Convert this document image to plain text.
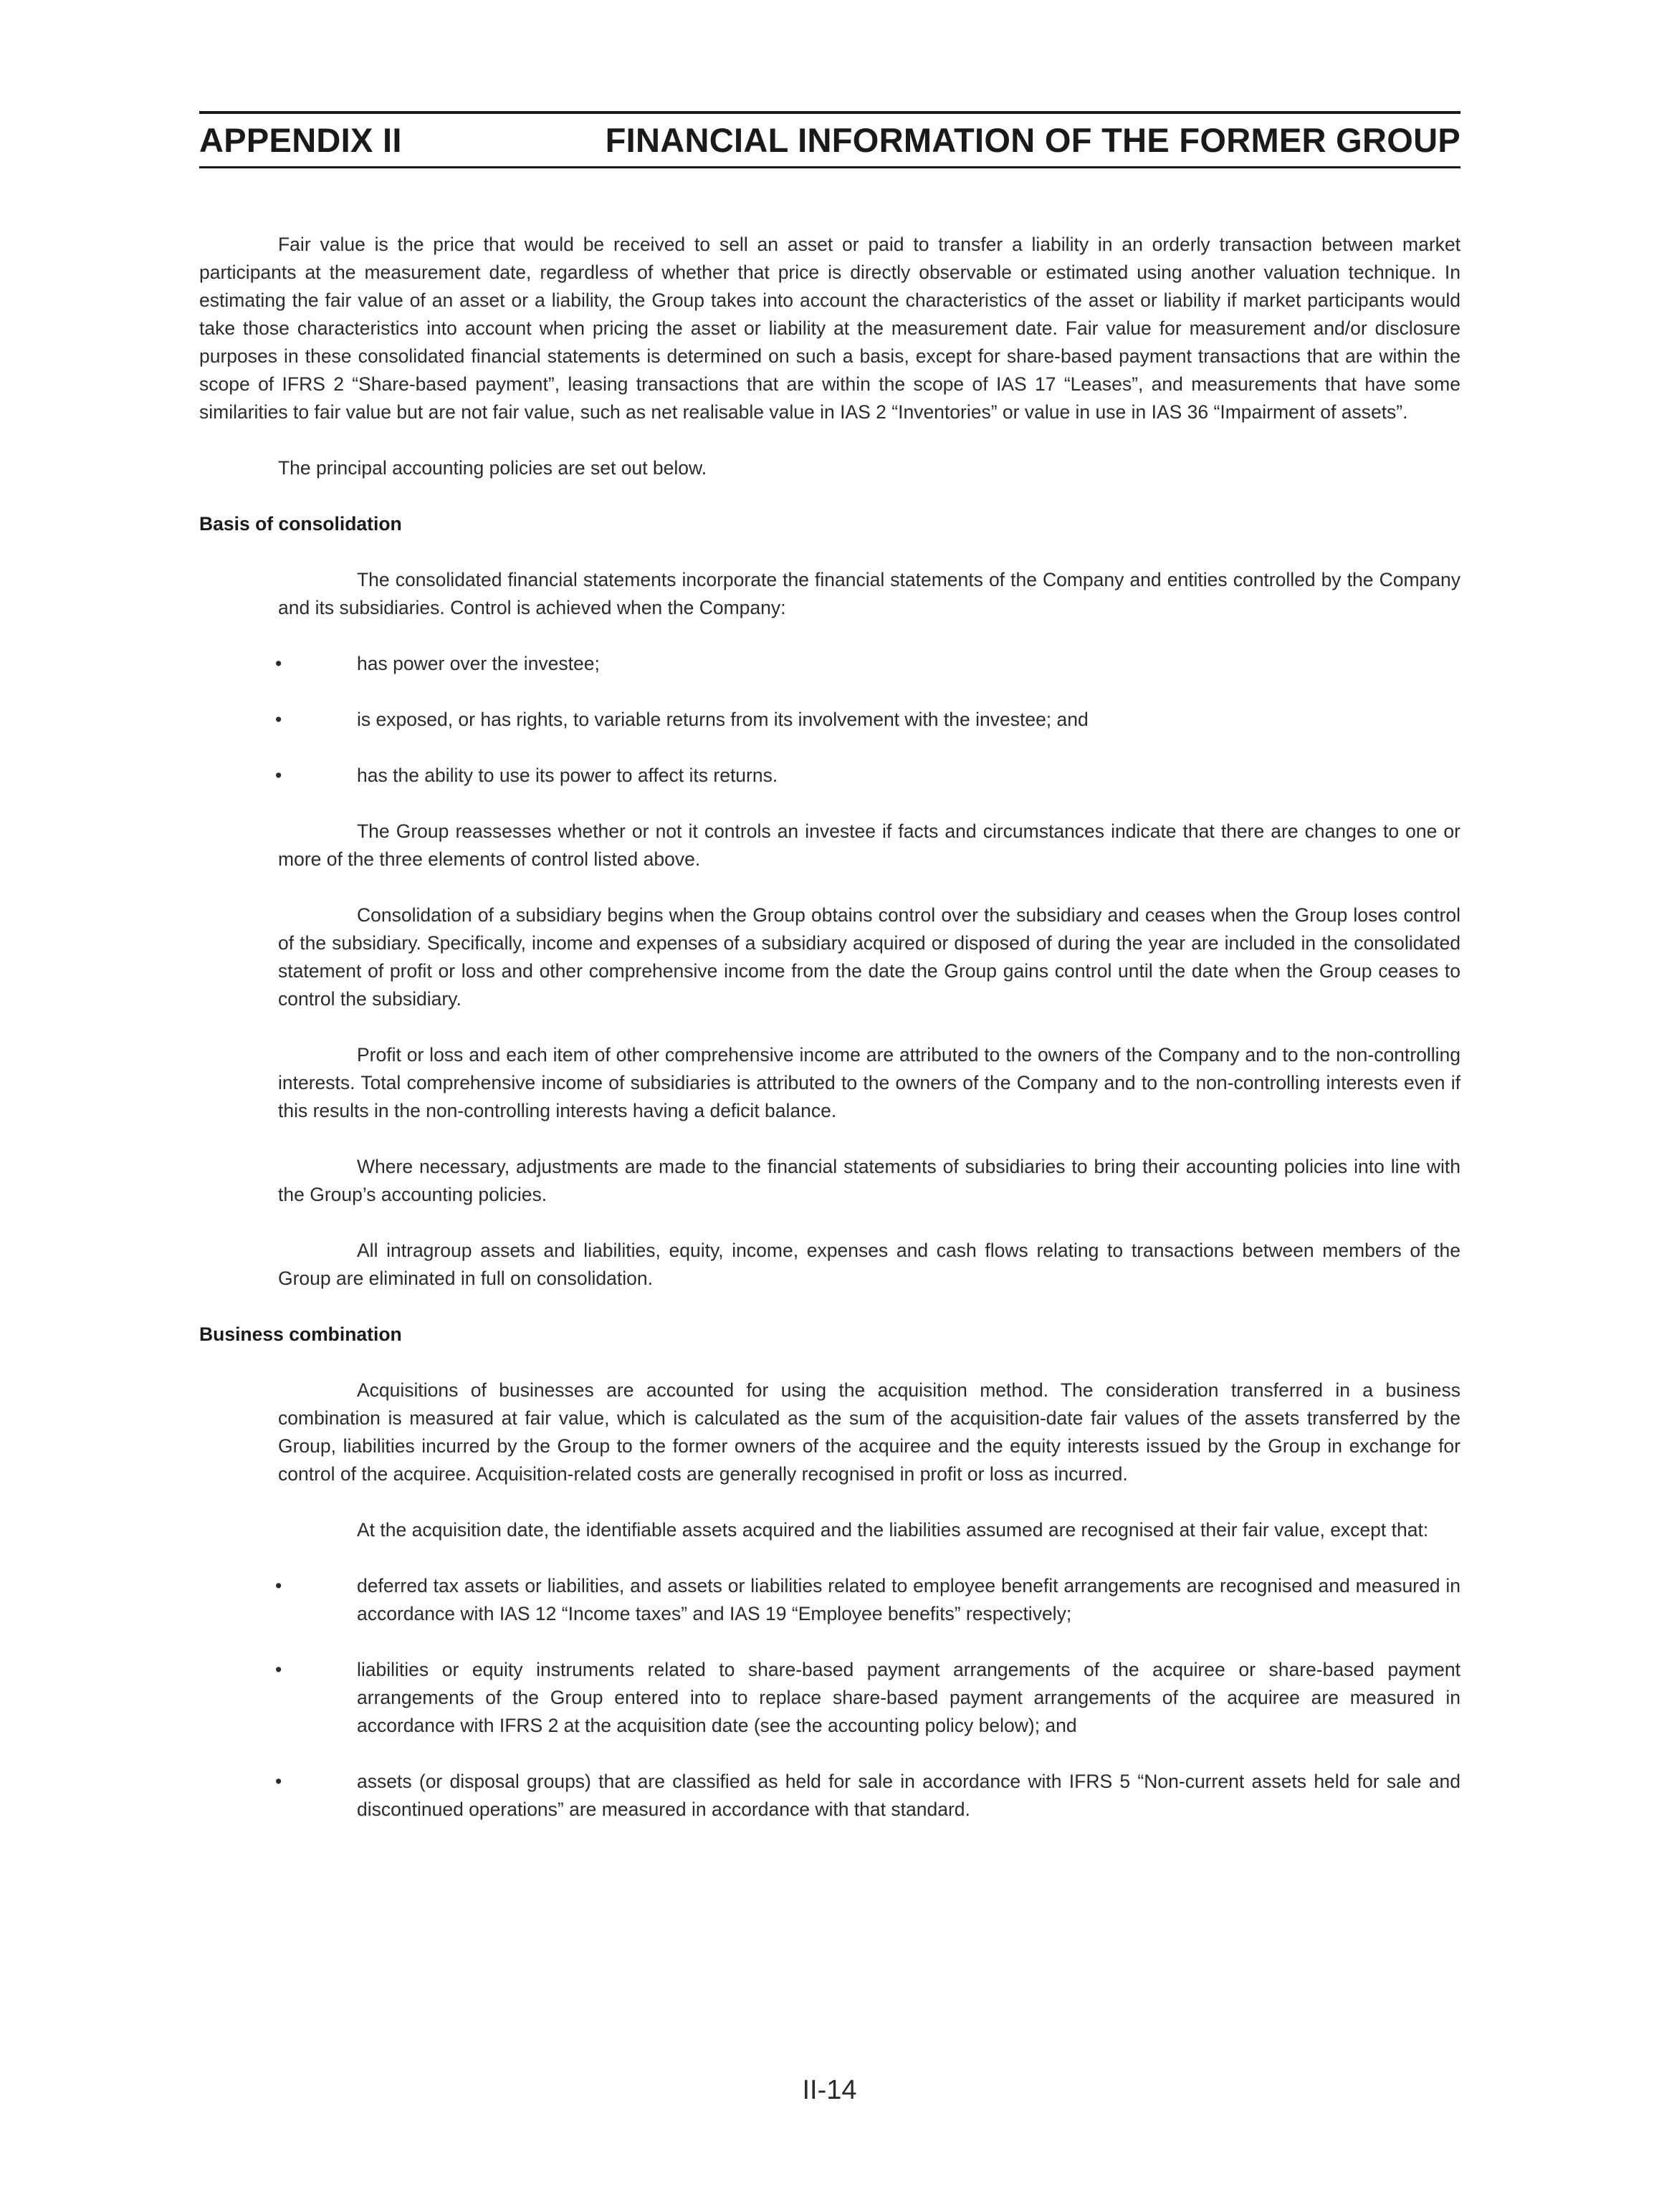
APPENDIX II	FINANCIAL INFORMATION OF THE FORMER GROUP

Fair value is the price that would be received to sell an asset or paid to transfer a liability in an orderly transaction between market participants at the measurement date, regardless of whether that price is directly observable or estimated using another valuation technique. In estimating the fair value of an asset or a liability, the Group takes into account the characteristics of the asset or liability if market participants would take those characteristics into account when pricing the asset or liability at the measurement date. Fair value for measurement and/or disclosure purposes in these consolidated financial statements is determined on such a basis, except for share-based payment transactions that are within the scope of IFRS 2 “Share-based payment”, leasing transactions that are within the scope of IAS 17 “Leases”, and measurements that have some similarities to fair value but are not fair value, such as net realisable value in IAS 2 “Inventories” or value in use in IAS 36 “Impairment of assets”.

The principal accounting policies are set out below.

Basis of consolidation

The consolidated financial statements incorporate the financial statements of the Company and entities controlled by the Company and its subsidiaries. Control is achieved when the Company:

•	has power over the investee;

•	is exposed, or has rights, to variable returns from its involvement with the investee; and

•	has the ability to use its power to affect its returns.

The Group reassesses whether or not it controls an investee if facts and circumstances indicate that there are changes to one or more of the three elements of control listed above.

Consolidation of a subsidiary begins when the Group obtains control over the subsidiary and ceases when the Group loses control of the subsidiary. Specifically, income and expenses of a subsidiary acquired or disposed of during the year are included in the consolidated statement of profit or loss and other comprehensive income from the date the Group gains control until the date when the Group ceases to control the subsidiary.

Profit or loss and each item of other comprehensive income are attributed to the owners of the Company and to the non-controlling interests. Total comprehensive income of subsidiaries is attributed to the owners of the Company and to the non-controlling interests even if this results in the non-controlling interests having a deficit balance.

Where necessary, adjustments are made to the financial statements of subsidiaries to bring their accounting policies into line with the Group’s accounting policies.

All intragroup assets and liabilities, equity, income, expenses and cash flows relating to transactions between members of the Group are eliminated in full on consolidation.

Business combination

Acquisitions of businesses are accounted for using the acquisition method. The consideration transferred in a business combination is measured at fair value, which is calculated as the sum of the acquisition-date fair values of the assets transferred by the Group, liabilities incurred by the Group to the former owners of the acquiree and the equity interests issued by the Group in exchange for control of the acquiree. Acquisition-related costs are generally recognised in profit or loss as incurred.

At the acquisition date, the identifiable assets acquired and the liabilities assumed are recognised at their fair value, except that:

•	deferred tax assets or liabilities, and assets or liabilities related to employee benefit arrangements are recognised and measured in accordance with IAS 12 “Income taxes” and IAS 19 “Employee benefits” respectively;

•	liabilities or equity instruments related to share-based payment arrangements of the acquiree or share-based payment arrangements of the Group entered into to replace share-based payment arrangements of the acquiree are measured in accordance with IFRS 2 at the acquisition date (see the accounting policy below); and

•	assets (or disposal groups) that are classified as held for sale in accordance with IFRS 5 “Non-current assets held for sale and discontinued operations” are measured in accordance with that standard.

II-14
